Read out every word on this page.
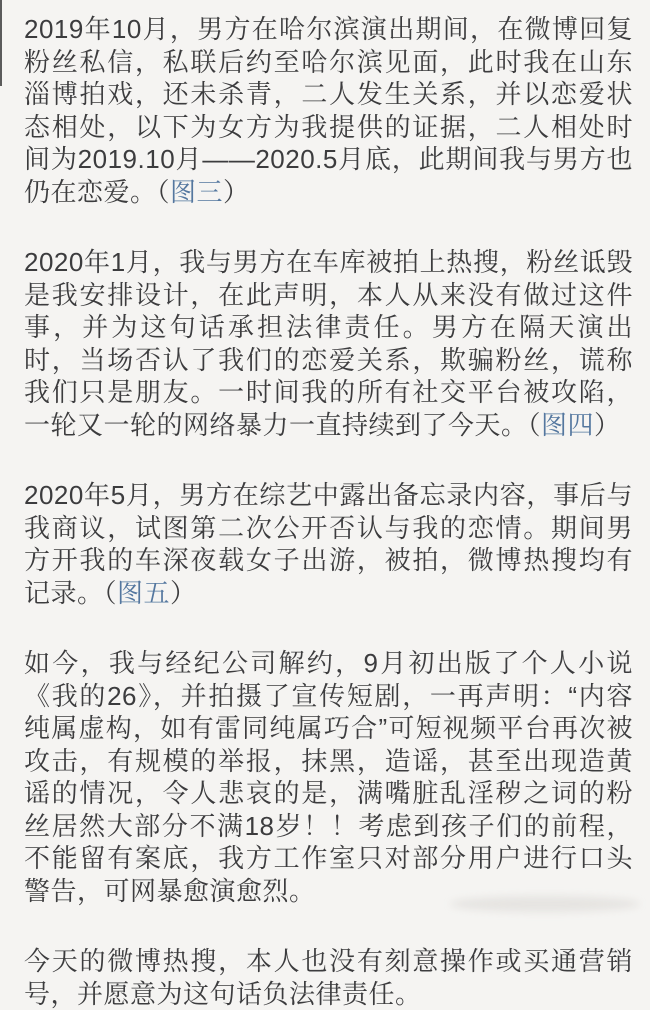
2019年10月，男方在哈尔滨演出期间，在微博回复粉丝私信，私联后约至哈尔滨见面，此时我在山东淄博拍戏，还未杀青，二人发生关系，并以恋爱状态相处，以下为女方为我提供的证据，二人相处时间为2019.10月——2020.5月底，此期间我与男方也仍在恋爱。（图三）

2020年1月，我与男方在车库被拍上热搜，粉丝诋毁是我安排设计，在此声明，本人从来没有做过这件事，并为这句话承担法律责任。男方在隔天演出时，当场否认了我们的恋爱关系，欺骗粉丝，谎称我们只是朋友。一时间我的所有社交平台被攻陷，一轮又一轮的网络暴力一直持续到了今天。（图四）

2020年5月，男方在综艺中露出备忘录内容，事后与我商议，试图第二次公开否认与我的恋情。期间男方开我的车深夜载女子出游，被拍，微博热搜均有记录。（图五）

如今，我与经纪公司解约，9月初出版了个人小说《我的26》，并拍摄了宣传短剧，一再声明：“内容纯属虚构，如有雷同纯属巧合”可短视频平台再次被攻击，有规模的举报，抹黑，造谣，甚至出现造黄谣的情况，令人悲哀的是，满嘴脏乱淫秽之词的粉丝居然大部分不满18岁！！考虑到孩子们的前程，不能留有案底，我方工作室只对部分用户进行口头警告，可网暴愈演愈烈。

今天的微博热搜，本人也没有刻意操作或买通营销号，并愿意为这句话负法律责任。
